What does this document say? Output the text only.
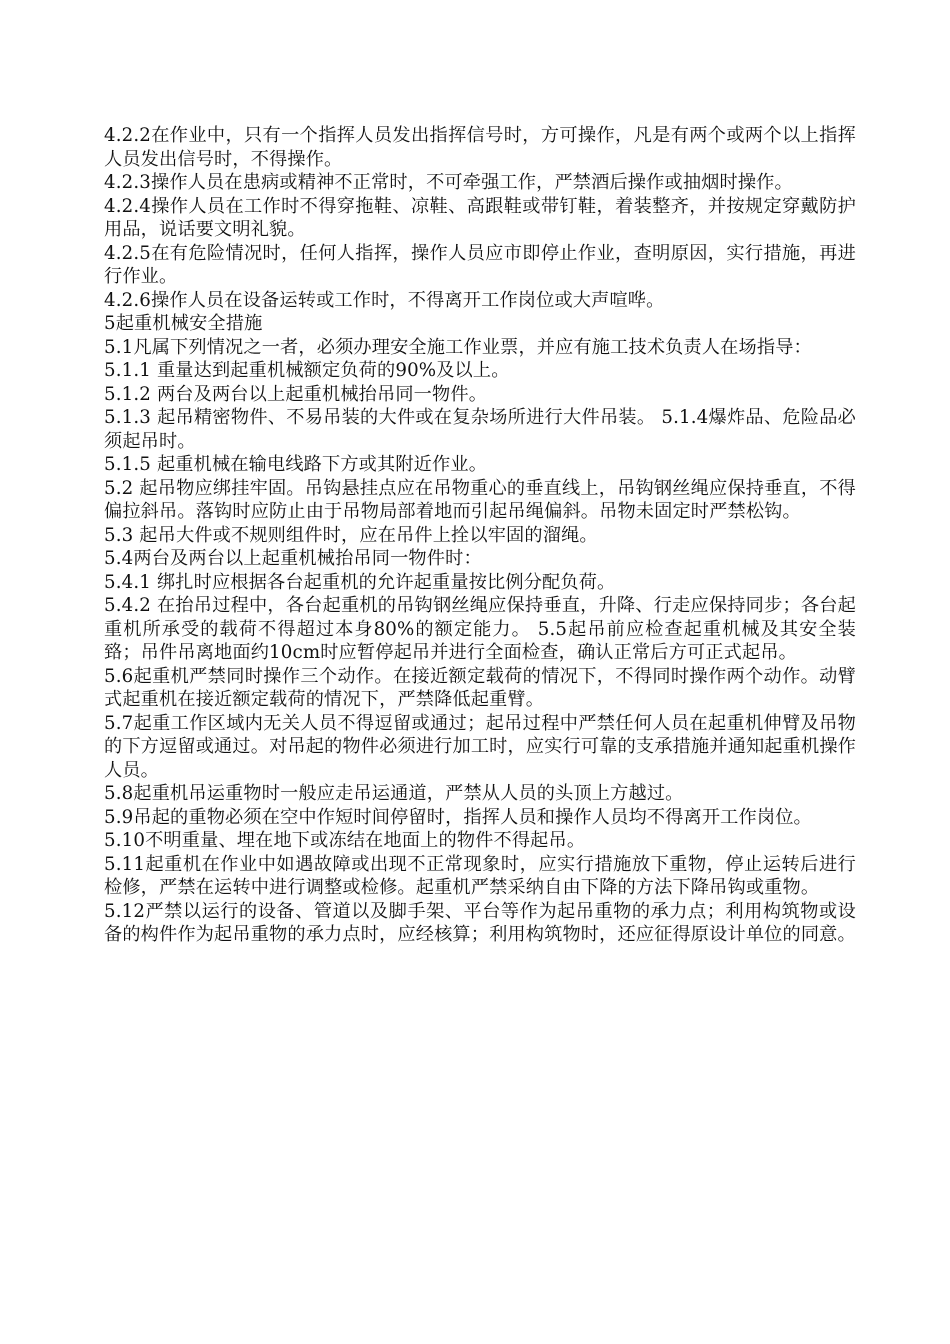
4.2.2在作业中，只有一个指挥人员发出指挥信号时，方可操作，凡是有两个或两个以上指挥人员发出信号时，不得操作。

4.2.3操作人员在患病或精神不正常时，不可牵强工作，严禁酒后操作或抽烟时操作。

4.2.4操作人员在工作时不得穿拖鞋、凉鞋、高跟鞋或带钉鞋，着装整齐，并按规定穿戴防护用品，说话要文明礼貌。

4.2.5在有危险情况时，任何人指挥，操作人员应市即停止作业，查明原因，实行措施，再进行作业。

4.2.6操作人员在设备运转或工作时，不得离开工作岗位或大声喧哗。

5起重机械安全措施

5.1凡属下列情况之一者，必须办理安全施工作业票，并应有施工技术负责人在场指导：

5.1.1 重量达到起重机械额定负荷的90%及以上。

5.1.2 两台及两台以上起重机械抬吊同一物件。

5.1.3 起吊精密物件、不易吊装的大件或在复杂场所进行大件吊装。 5.1.4爆炸品、危险品必须起吊时。

5.1.5 起重机械在输电线路下方或其附近作业。

5.2 起吊物应绑挂牢固。吊钩悬挂点应在吊物重心的垂直线上，吊钩钢丝绳应保持垂直，不得偏拉斜吊。落钩时应防止由于吊物局部着地而引起吊绳偏斜。吊物未固定时严禁松钩。

5.3 起吊大件或不规则组件时，应在吊件上拴以牢固的溜绳。

5.4两台及两台以上起重机械抬吊同一物件时：

5.4.1 绑扎时应根据各台起重机的允许起重量按比例分配负荷。

5.4.2 在抬吊过程中，各台起重机的吊钩钢丝绳应保持垂直，升降、行走应保持同步；各台起重机所承受的载荷不得超过本身80%的额定能力。 5.5起吊前应检查起重机械及其安全装臵；吊件吊离地面约10cm时应暂停起吊并进行全面检查，确认正常后方可正式起吊。

5.6起重机严禁同时操作三个动作。在接近额定载荷的情况下，不得同时操作两个动作。动臂式起重机在接近额定载荷的情况下，严禁降低起重臂。

5.7起重工作区域内无关人员不得逗留或通过；起吊过程中严禁任何人员在起重机伸臂及吊物的下方逗留或通过。对吊起的物件必须进行加工时，应实行可靠的支承措施并通知起重机操作人员。

5.8起重机吊运重物时一般应走吊运通道，严禁从人员的头顶上方越过。

5.9吊起的重物必须在空中作短时间停留时，指挥人员和操作人员均不得离开工作岗位。

5.10不明重量、埋在地下或冻结在地面上的物件不得起吊。

5.11起重机在作业中如遇故障或出现不正常现象时，应实行措施放下重物，停止运转后进行检修，严禁在运转中进行调整或检修。起重机严禁采纳自由下降的方法下降吊钩或重物。

5.12严禁以运行的设备、管道以及脚手架、平台等作为起吊重物的承力点；利用构筑物或设备的构件作为起吊重物的承力点时，应经核算；利用构筑物时，还应征得原设计单位的同意。
